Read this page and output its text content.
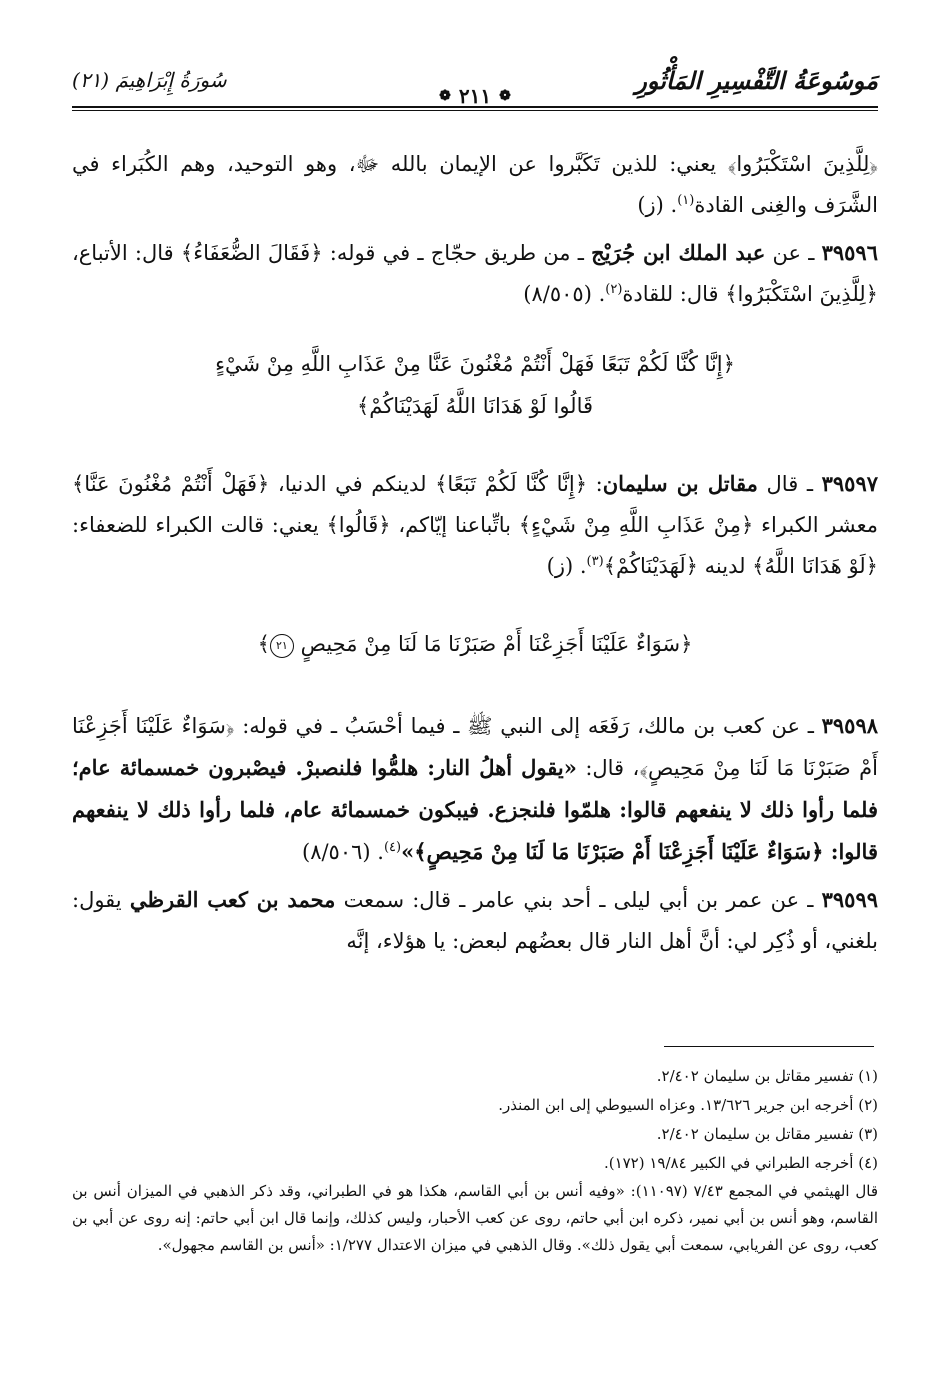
مَوسُوعَةُ التَّفْسِيرِ المَأْثُورِ
❁
٢١١
❁
سُورَةُ إِبْرَاهِيمَ (٢١)

﴿لِلَّذِينَ اسْتَكْبَرُوا﴾ يعني: للذين تَكَبَّروا عن الإيمان بالله ﷻ، وهو التوحيد، وهم الكُبَراء في الشَّرَف والغِنى القادة$^{(١)}$. (ز)

٣٩٥٩٦ ـ عن عبد الملك ابن جُرَيْج ـ من طريق حجّاج ـ في قوله: ﴿فَقَالَ الضُّعَفَاءُ﴾ قال: الأتباع، ﴿لِلَّذِينَ اسْتَكْبَرُوا﴾ قال: للقادة$^{(٢)}$. (٨/٥٠٥)

﴿إِنَّا كُنَّا لَكُمْ تَبَعًا فَهَلْ أَنْتُمْ مُغْنُونَ عَنَّا مِنْ عَذَابِ اللَّهِ مِنْ شَيْءٍ

قَالُوا لَوْ هَدَانَا اللَّهُ لَهَدَيْنَاكُمْ﴾

٣٩٥٩٧ ـ قال مقاتل بن سليمان: ﴿إِنَّا كُنَّا لَكُمْ تَبَعًا﴾ لدينكم في الدنيا، ﴿فَهَلْ أَنْتُمْ مُغْنُونَ عَنَّا﴾ معشر الكبراء ﴿مِنْ عَذَابِ اللَّهِ مِنْ شَيْءٍ﴾ باتِّباعنا إيّاكم، ﴿قَالُوا﴾ يعني: قالت الكبراء للضعفاء: ﴿لَوْ هَدَانَا اللَّهُ﴾ لدينه ﴿لَهَدَيْنَاكُمْ﴾$^{(٣)}$. (ز)

﴿سَوَاءٌ عَلَيْنَا أَجَزِعْنَا أَمْ صَبَرْنَا مَا لَنَا مِنْ مَحِيصٍ ٢١﴾

٣٩٥٩٨ ـ عن كعب بن مالك، رَفَعَه إلى النبي ﷺ ـ فيما أحْسَبُ ـ في قوله: ﴿سَوَاءٌ عَلَيْنَا أَجَزِعْنَا أَمْ صَبَرْنَا مَا لَنَا مِنْ مَحِيصٍ﴾، قال: «يقول أهلُ النار: هلمُّوا فلنصبرْ. فيصْبرون خمسمائة عام؛ فلما رأوا ذلك لا ينفعهم قالوا: هلمّوا فلنجزع. فيبكون خمسمائة عام، فلما رأوا ذلك لا ينفعهم قالوا: ﴿سَوَاءٌ عَلَيْنَا أَجَزِعْنَا أَمْ صَبَرْنَا مَا لَنَا مِنْ مَحِيصٍ﴾»$^{(٤)}$. (٨/٥٠٦)

٣٩٥٩٩ ـ عن عمر بن أبي ليلى ـ أحد بني عامر ـ قال: سمعت محمد بن كعب القرظي يقول: بلغني، أو ذُكِر لي: أنَّ أهل النار قال بعضُهم لبعض: يا هؤلاء، إنَّه

(١) تفسير مقاتل بن سليمان ٢/٤٠٢.

(٢) أخرجه ابن جرير ١٣/٦٢٦. وعزاه السيوطي إلى ابن المنذر.

(٣) تفسير مقاتل بن سليمان ٢/٤٠٢.

(٤) أخرجه الطبراني في الكبير ١٩/٨٤ (١٧٢).

قال الهيثمي في المجمع ٧/٤٣ (١١٠٩٧): «وفيه أنس بن أبي القاسم، هكذا هو في الطبراني، وقد ذكر الذهبي في الميزان أنس بن القاسم، وهو أنس بن أبي نمير، ذكره ابن أبي حاتم، روى عن كعب الأحبار، وليس كذلك، وإنما قال ابن أبي حاتم: إنه روى عن أبي بن كعب، روى عن الفريابي، سمعت أبي يقول ذلك». وقال الذهبي في ميزان الاعتدال ١/٢٧٧: «أنس بن القاسم مجهول».
